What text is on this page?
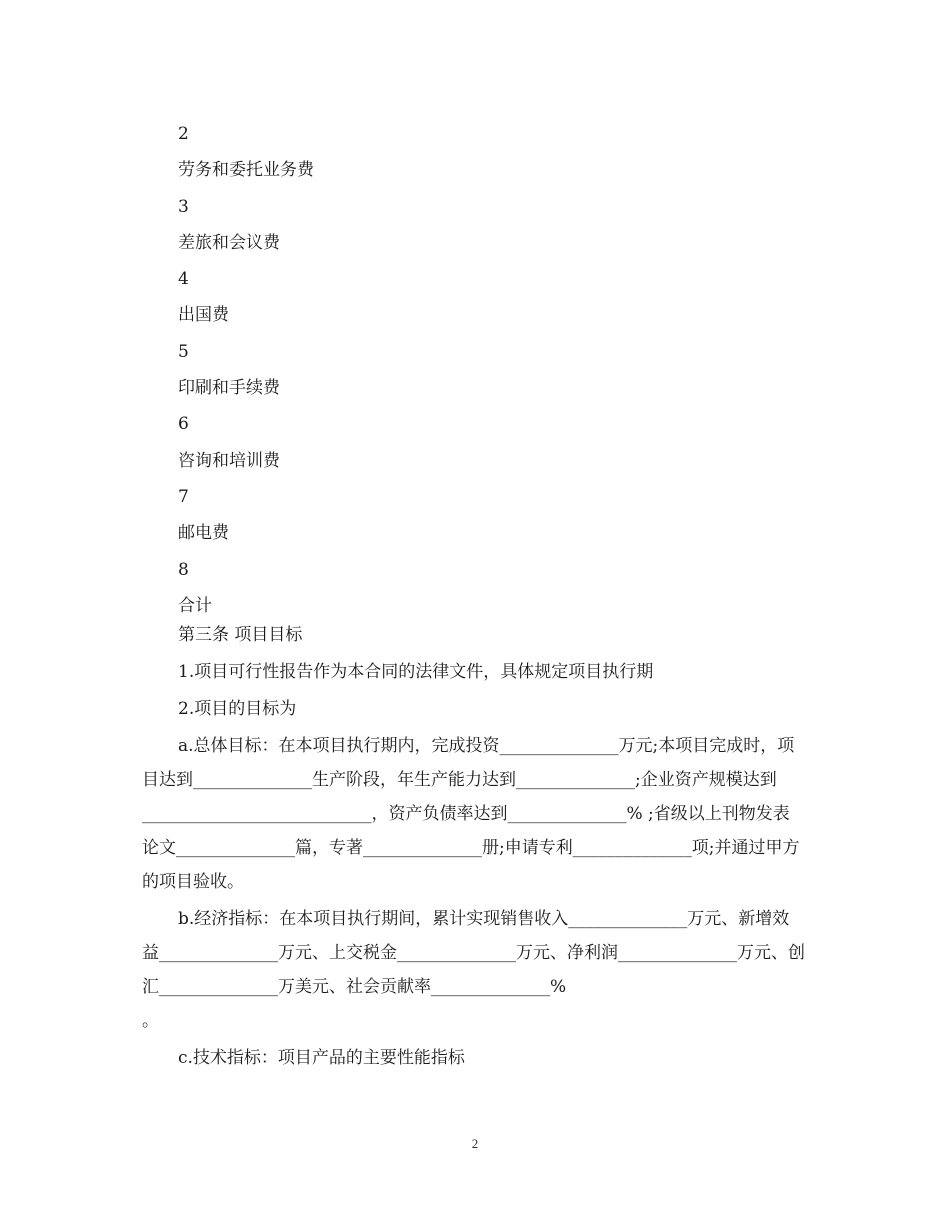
2
劳务和委托业务费
3
差旅和会议费
4
出国费
5
印刷和手续费
6
咨询和培训费
7
邮电费
8
合计

第三条 项目目标

1.项目可行性报告作为本合同的法律文件，具体规定项目执行期

2.项目的目标为

a.总体目标：在本项目执行期内，完成投资______________万元;本项目完成时，项目达到______________生产阶段，年生产能力达到______________;企业资产规模达到___________________________，资产负债率达到______________% ;省级以上刊物发表论文______________篇，专著______________册;申请专利______________项;并通过甲方的项目验收。

b.经济指标：在本项目执行期间，累计实现销售收入______________万元、新增效益______________万元、上交税金______________万元、净利润______________万元、创汇______________万美元、社会贡献率______________%
。

c.技术指标：项目产品的主要性能指标

2
